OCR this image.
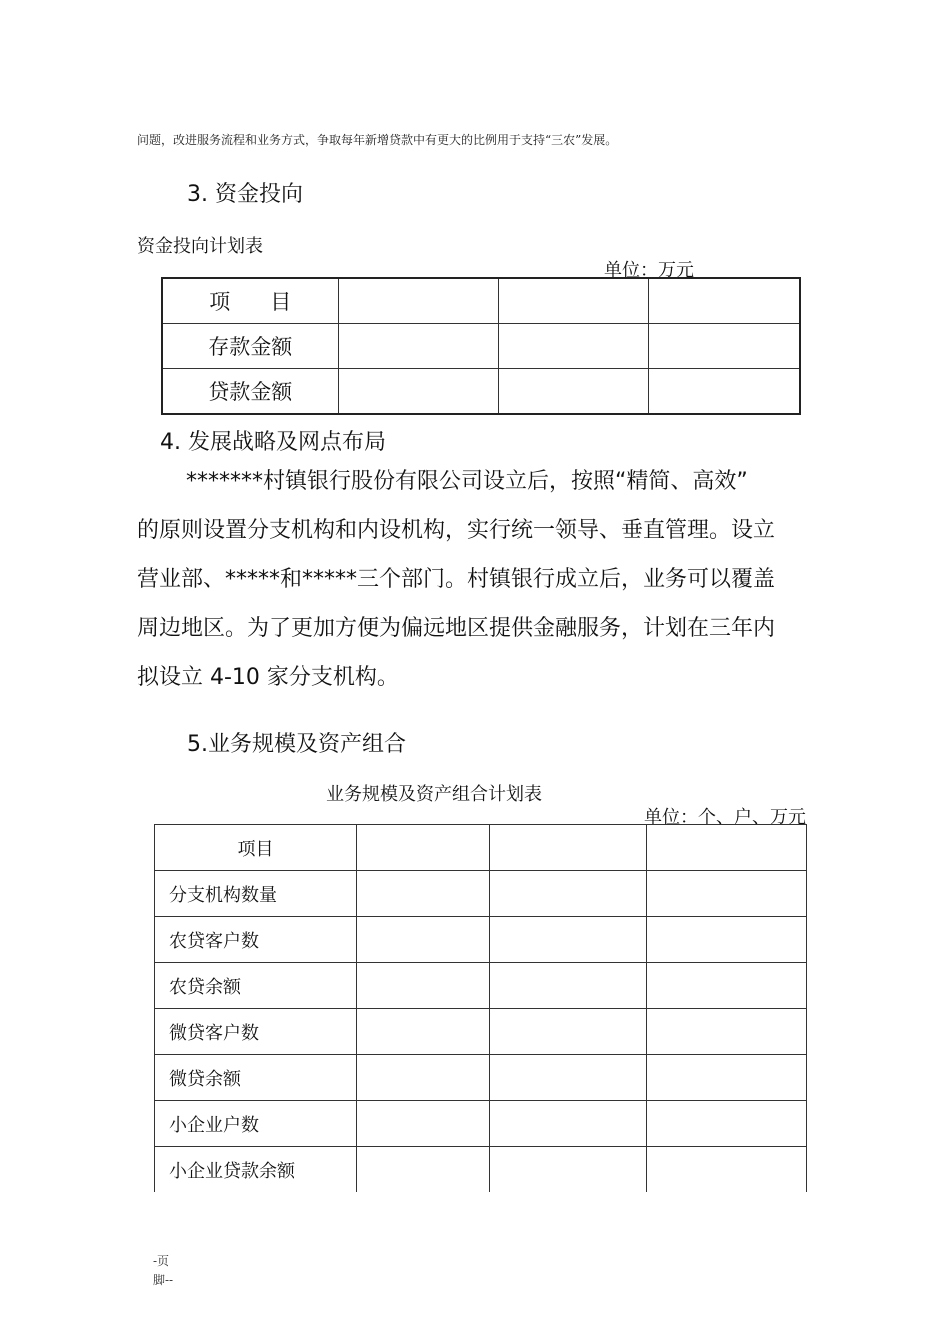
问题，改进服务流程和业务方式，争取每年新增贷款中有更大的比例用于支持“三农”发展。
3. 资金投向
资金投向计划表
单位：万元
项      目			
存款金额			
贷款金额			
4. 发展战略及网点布局
*******村镇银行股份有限公司设立后，按照“精简、高效”
的原则设置分支机构和内设机构，实行统一领导、垂直管理。设立
营业部、*****和*****三个部门。村镇银行成立后，业务可以覆盖
周边地区。为了更加方便为偏远地区提供金融服务，计划在三年内
拟设立 4-10 家分支机构。
5.业务规模及资产组合
业务规模及资产组合计划表
单位：个、户、万元
项目			
分支机构数量			
农贷客户数			
农贷余额			
微贷客户数			
微贷余额			
小企业户数			
小企业贷款余额			
-页
脚--
